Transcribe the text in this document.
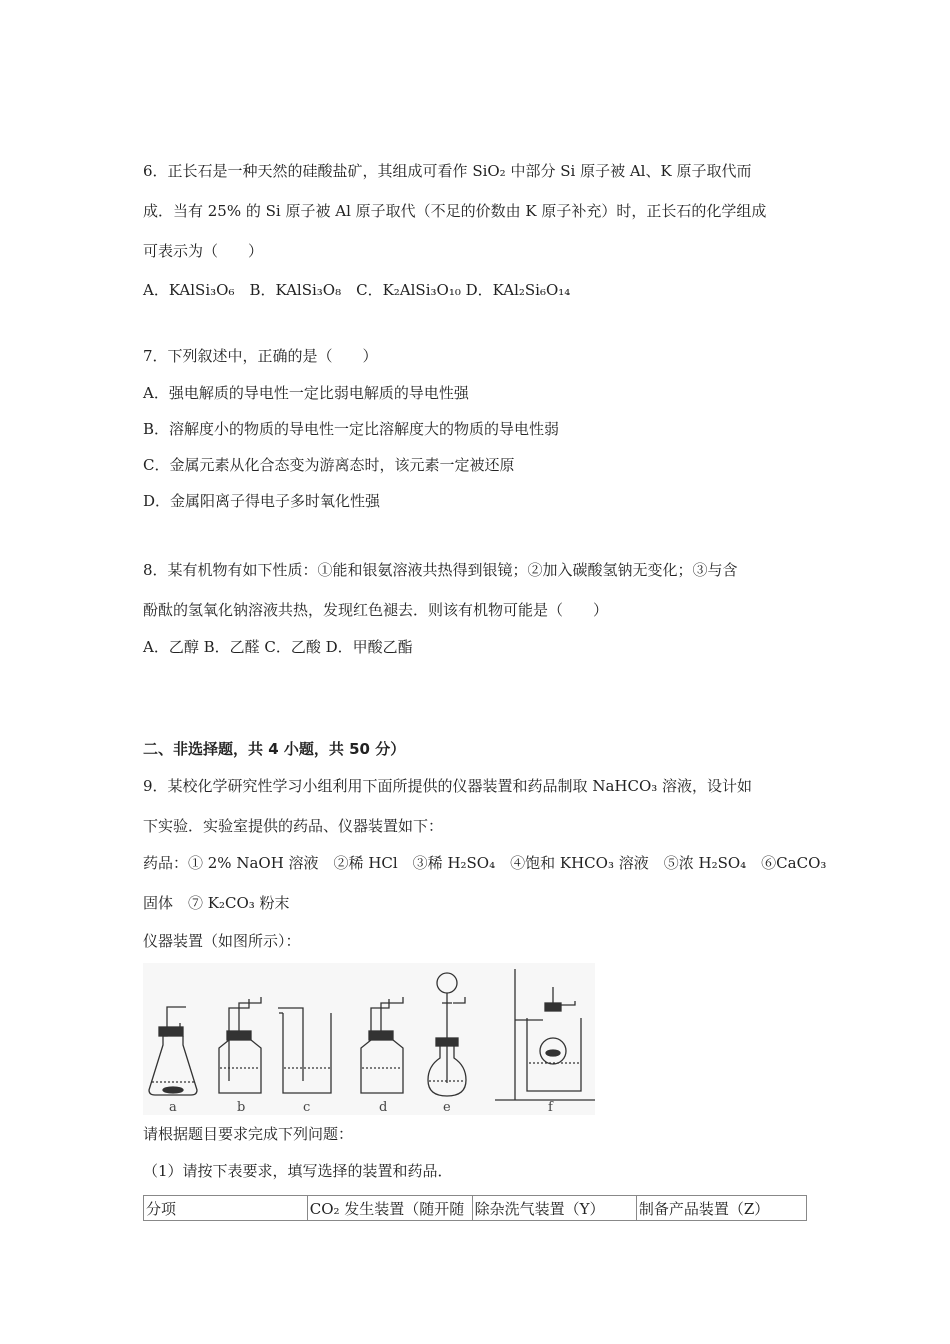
6．正长石是一种天然的硅酸盐矿，其组成可看作 SiO₂ 中部分 Si 原子被 Al、K 原子取代而
成．当有 25% 的 Si 原子被 Al 原子取代（不足的价数由 K 原子补充）时，正长石的化学组成
可表示为（　　）
A．KAlSi₃O₆　B．KAlSi₃O₈　C．K₂AlSi₃O₁₀ D．KAl₂Si₆O₁₄
7．下列叙述中，正确的是（　　）
A．强电解质的导电性一定比弱电解质的导电性强
B．溶解度小的物质的导电性一定比溶解度大的物质的导电性弱
C．金属元素从化合态变为游离态时，该元素一定被还原
D．金属阳离子得电子多时氧化性强
8．某有机物有如下性质：①能和银氨溶液共热得到银镜；②加入碳酸氢钠无变化；③与含
酚酞的氢氧化钠溶液共热，发现红色褪去．则该有机物可能是（　　）
A．乙醇 B．乙醛 C．乙酸 D．甲酸乙酯
二、非选择题，共 4 小题，共 50 分）
9．某校化学研究性学习小组利用下面所提供的仪器装置和药品制取 NaHCO₃ 溶液，设计如
下实验．实验室提供的药品、仪器装置如下：
药品：① 2% NaOH 溶液　②稀 HCl　③稀 H₂SO₄　④饱和 KHCO₃ 溶液　⑤浓 H₂SO₄　⑥CaCO₃
固体　⑦ K₂CO₃ 粉末
仪器装置（如图所示）：
a	b	c	d	e	f
请根据题目要求完成下列问题：
（1）请按下表要求，填写选择的装置和药品．
分项	CO₂ 发生装置（随开随	除杂洗气装置（Y）	制备产品装置（Z）
